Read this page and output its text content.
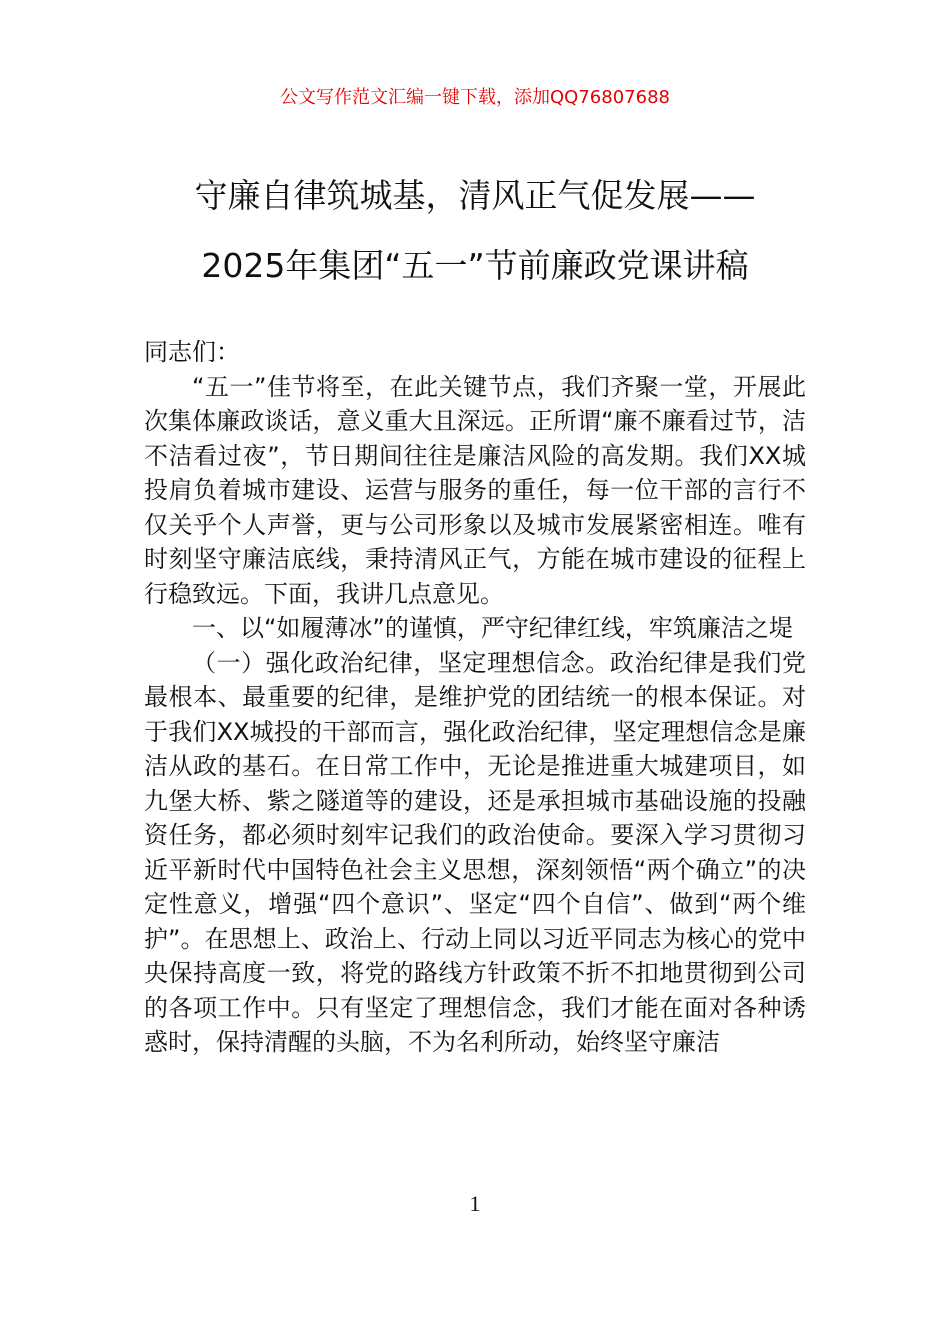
公文写作范文汇编一键下载，添加QQ76807688
守廉自律筑城基，清风正气促发展——
2025年集团“五一”节前廉政党课讲稿

同志们：

“五一”佳节将至，在此关键节点，我们齐聚一堂，开展此次集体廉政谈话，意义重大且深远。正所谓“廉不廉看过节，洁不洁看过夜”，节日期间往往是廉洁风险的高发期。我们XX城投肩负着城市建设、运营与服务的重任，每一位干部的言行不仅关乎个人声誉，更与公司形象以及城市发展紧密相连。唯有时刻坚守廉洁底线，秉持清风正气，方能在城市建设的征程上行稳致远。下面，我讲几点意见。

一、以“如履薄冰”的谨慎，严守纪律红线，牢筑廉洁之堤

（一）强化政治纪律，坚定理想信念。政治纪律是我们党最根本、最重要的纪律，是维护党的团结统一的根本保证。对于我们XX城投的干部而言，强化政治纪律，坚定理想信念是廉洁从政的基石。在日常工作中，无论是推进重大城建项目，如九堡大桥、紫之隧道等的建设，还是承担城市基础设施的投融资任务，都必须时刻牢记我们的政治使命。要深入学习贯彻习近平新时代中国特色社会主义思想，深刻领悟“两个确立”的决定性意义，增强“四个意识”、坚定“四个自信”、做到“两个维护”。在思想上、政治上、行动上同以习近平同志为核心的党中央保持高度一致，将党的路线方针政策不折不扣地贯彻到公司的各项工作中。只有坚定了理想信念，我们才能在面对各种诱惑时，保持清醒的头脑，不为名利所动，始终坚守廉洁

1
